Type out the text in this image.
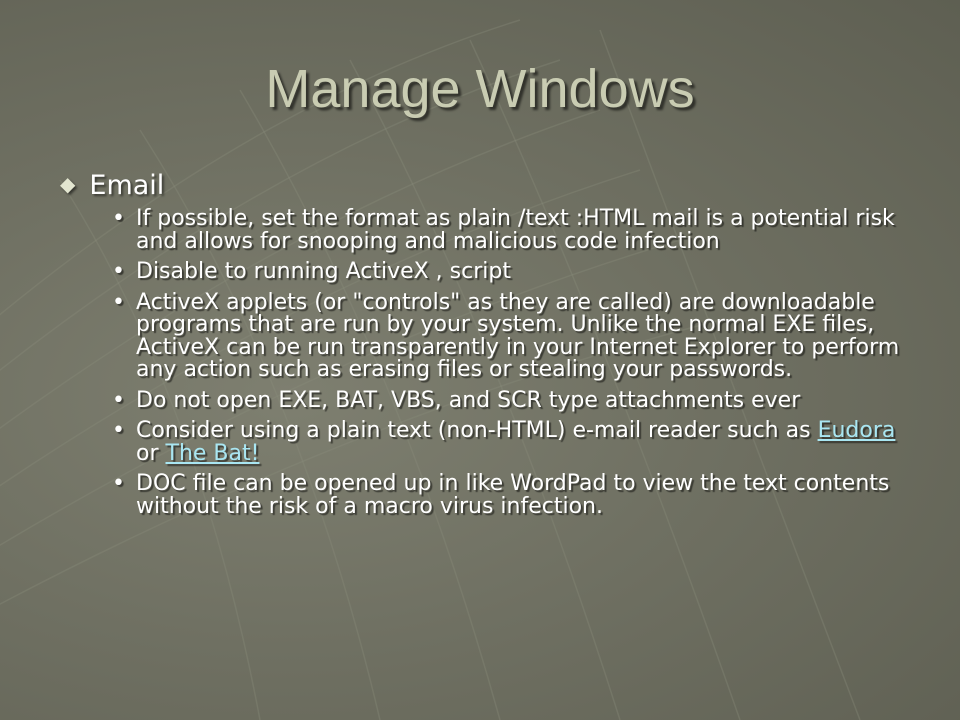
Manage Windows
◆ Email
• If possible, set the format as plain /text :HTML mail is a potential risk and allows for snooping and malicious code infection
• Disable to running ActiveX , script
• ActiveX applets (or "controls" as they are called) are downloadable programs that are run by your system. Unlike the normal EXE files, ActiveX can be run transparently in your Internet Explorer to perform any action such as erasing files or stealing your passwords.
• Do not open EXE, BAT, VBS, and SCR type attachments ever
• Consider using a plain text (non-HTML) e-mail reader such as Eudora or The Bat!
• DOC file can be opened up in like WordPad to view the text contents without the risk of a macro virus infection.
